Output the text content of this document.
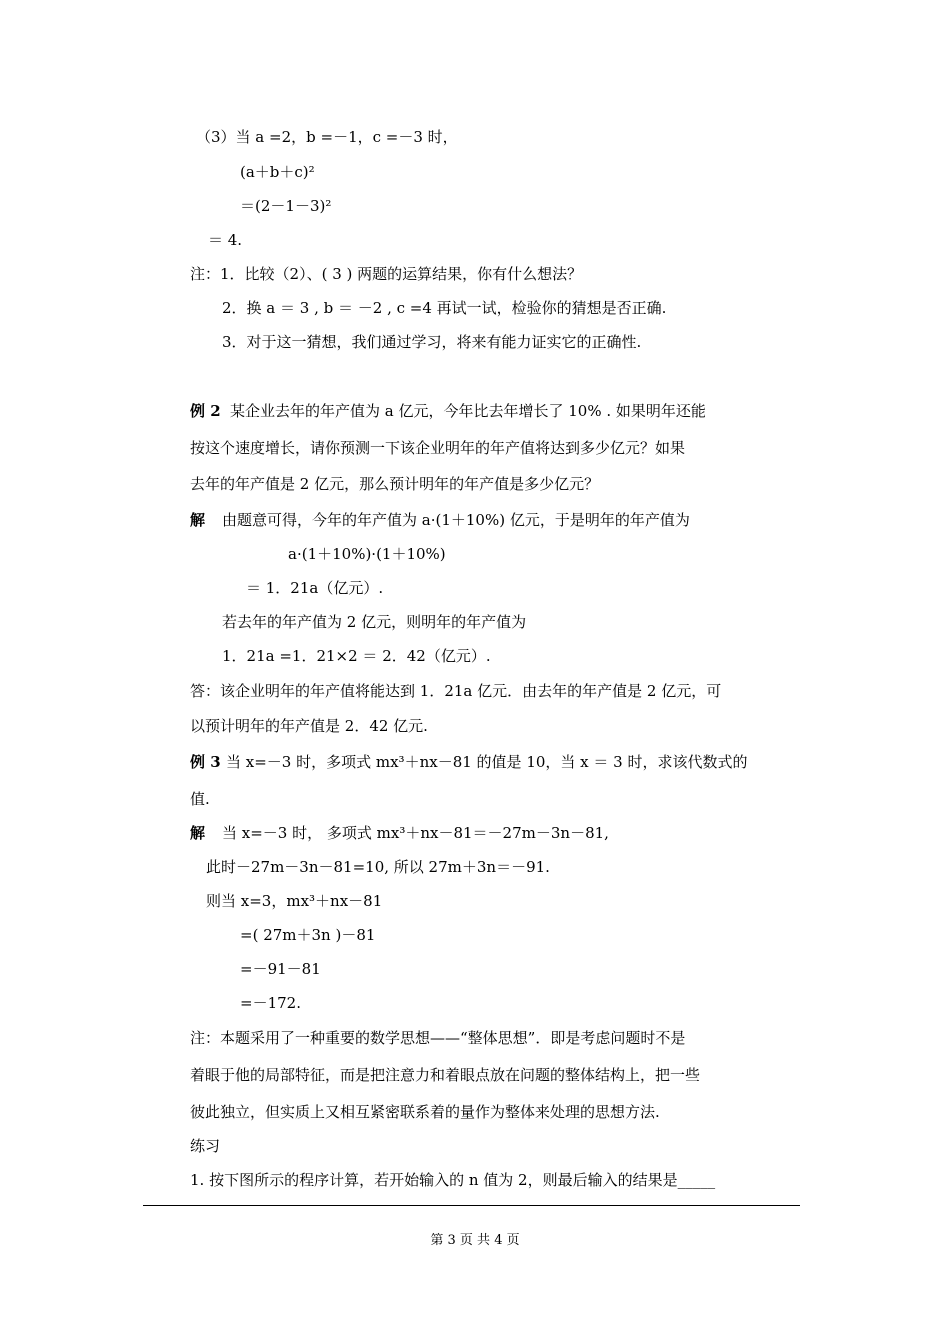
（3）当 a =2，b =－1，c =－3 时，
(a＋b＋c)²
＝(2－1－3)²
＝ 4.
注：1．比较（2）、( 3 ) 两题的运算结果，你有什么想法？
2．换 a ＝ 3 , b ＝ －2 , c =4 再试一试，检验你的猜想是否正确.
3．对于这一猜想，我们通过学习，将来有能力证实它的正确性.
例 2 某企业去年的年产值为 a 亿元，今年比去年增长了 10% . 如果明年还能
按这个速度增长，请你预测一下该企业明年的年产值将达到多少亿元？如果
去年的年产值是 2 亿元，那么预计明年的年产值是多少亿元？
解 由题意可得，今年的年产值为 a·(1＋10%) 亿元，于是明年的年产值为
a·(1＋10%)·(1＋10%)
＝ 1．21a（亿元）.
若去年的年产值为 2 亿元，则明年的年产值为
1．21a =1．21×2 ＝ 2．42（亿元）.
答：该企业明年的年产值将能达到 1．21a 亿元．由去年的年产值是 2 亿元，可
以预计明年的年产值是 2．42 亿元.
例 3 当 x=－3 时，多项式 mx³＋nx－81 的值是 10，当 x ＝ 3 时，求该代数式的
值.
解 当 x=－3 时， 多项式 mx³＋nx－81＝－27m－3n－81,
此时－27m－3n－81=10, 所以 27m＋3n＝－91.
则当 x=3，mx³＋nx－81
=( 27m＋3n )－81
=－91－81
=－172.
注：本题采用了一种重要的数学思想——“整体思想”．即是考虑问题时不是
着眼于他的局部特征，而是把注意力和着眼点放在问题的整体结构上，把一些
彼此独立，但实质上又相互紧密联系着的量作为整体来处理的思想方法.
练习
1. 按下图所示的程序计算，若开始输入的 n 值为 2，则最后输入的结果是_____
第 3 页 共 4 页
